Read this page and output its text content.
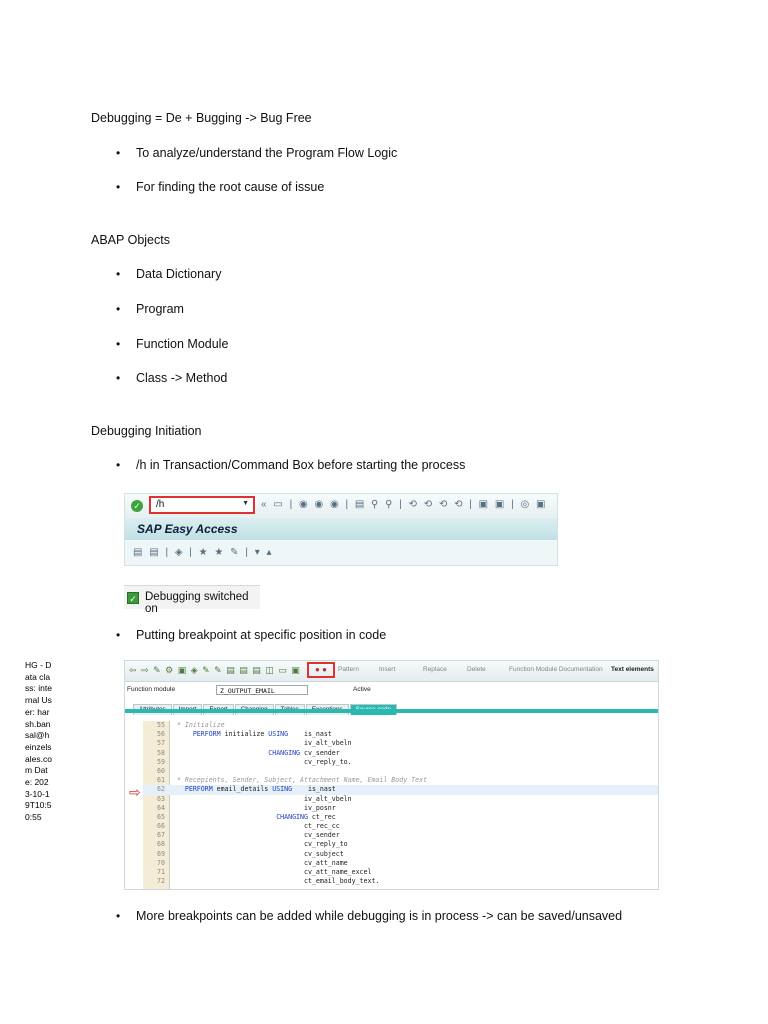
Debugging = De + Bugging -> Bug Free
• To analyze/understand the Program Flow Logic
• For finding the root cause of issue
ABAP Objects
• Data Dictionary
• Program
• Function Module
• Class -> Method
Debugging Initiation
• /h in Transaction/Command Box before starting the process
✓ /h	▼ « ▭ | ◉ ◉ ◉ | ▤ ⚲ ⚲ | ⟲ ⟲ ⟲ ⟲ | ▣ ▣ | ◎ ▣
SAP Easy Access
▤ ▤ | ◈ | ★ ★ ✎ | ▾ ▴
✓ Debugging switched on
• Putting breakpoint at specific position in code
HG - Data class: internal User: harsh.bansal@heinzelsales.com Date: 2023-10-19T10:50:55
⇦ ⇨ ✎ ⚙ ▣ ◈ ✎ ✎ ▤ ▤ ▤ ◫ ▭ ▣	● ●	Pattern	Insert	Replace	Delete	Function Module Documentation Text elements
Function module	Z_OUTPUT_EMAIL	Active
⇨
55  * Initialize
56	PERFORM initialize USING    is_nast
57                                  iv_alt_vbeln
58	CHANGING cv_sender
59                                  cv_reply_to.
60
61  * Recepients, Sender, Subject, Attachment Name, Email Body Text
62	PERFORM email_details USING    is_nast
63                                  iv_alt_vbeln
64                                  iv_posnr
65	CHANGING ct_rec
66                                  ct_rec_cc
67                                  cv_sender
68                                  cv_reply_to
69                                  cv_subject
70                                  cv_att_name
71                                  cv_att_name_excel
72                                  ct_email_body_text.
• More breakpoints can be added while debugging is in process -> can be saved/unsaved
